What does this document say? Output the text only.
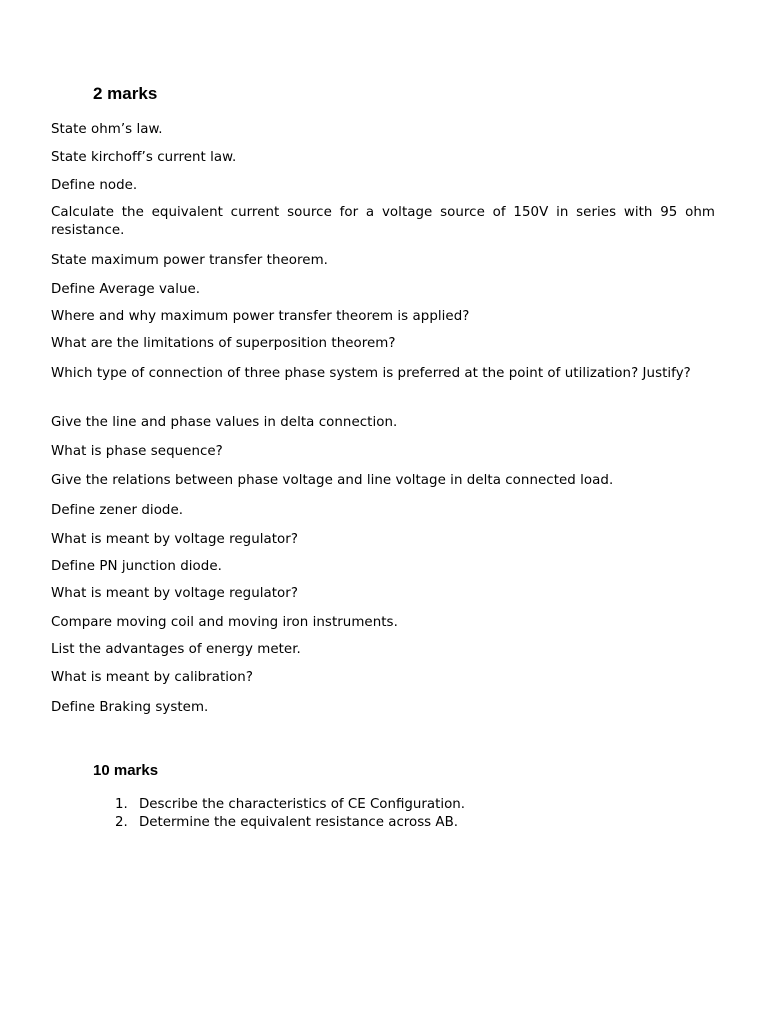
2 marks

State ohm’s law.

State kirchoff’s current law.

Define node.

Calculate the equivalent current source for a voltage source of 150V in series with 95 ohm resistance.

State maximum power transfer theorem.

Define Average value.

Where and why maximum power transfer theorem is applied?

What are the limitations of superposition theorem?

Which type of connection of three phase system is preferred at the point of utilization? Justify?

Give the line and phase values in delta connection.

What is phase sequence?

Give the relations between phase voltage and line voltage in delta connected load.

Define zener diode.

What is meant by voltage regulator?

Define PN junction diode.

What is meant by voltage regulator?

Compare moving coil and moving iron instruments.

List the advantages of energy meter.

What is meant by calibration?

Define Braking system.

10 marks
1. Describe the characteristics of CE Configuration.
2. Determine the equivalent resistance across AB.
